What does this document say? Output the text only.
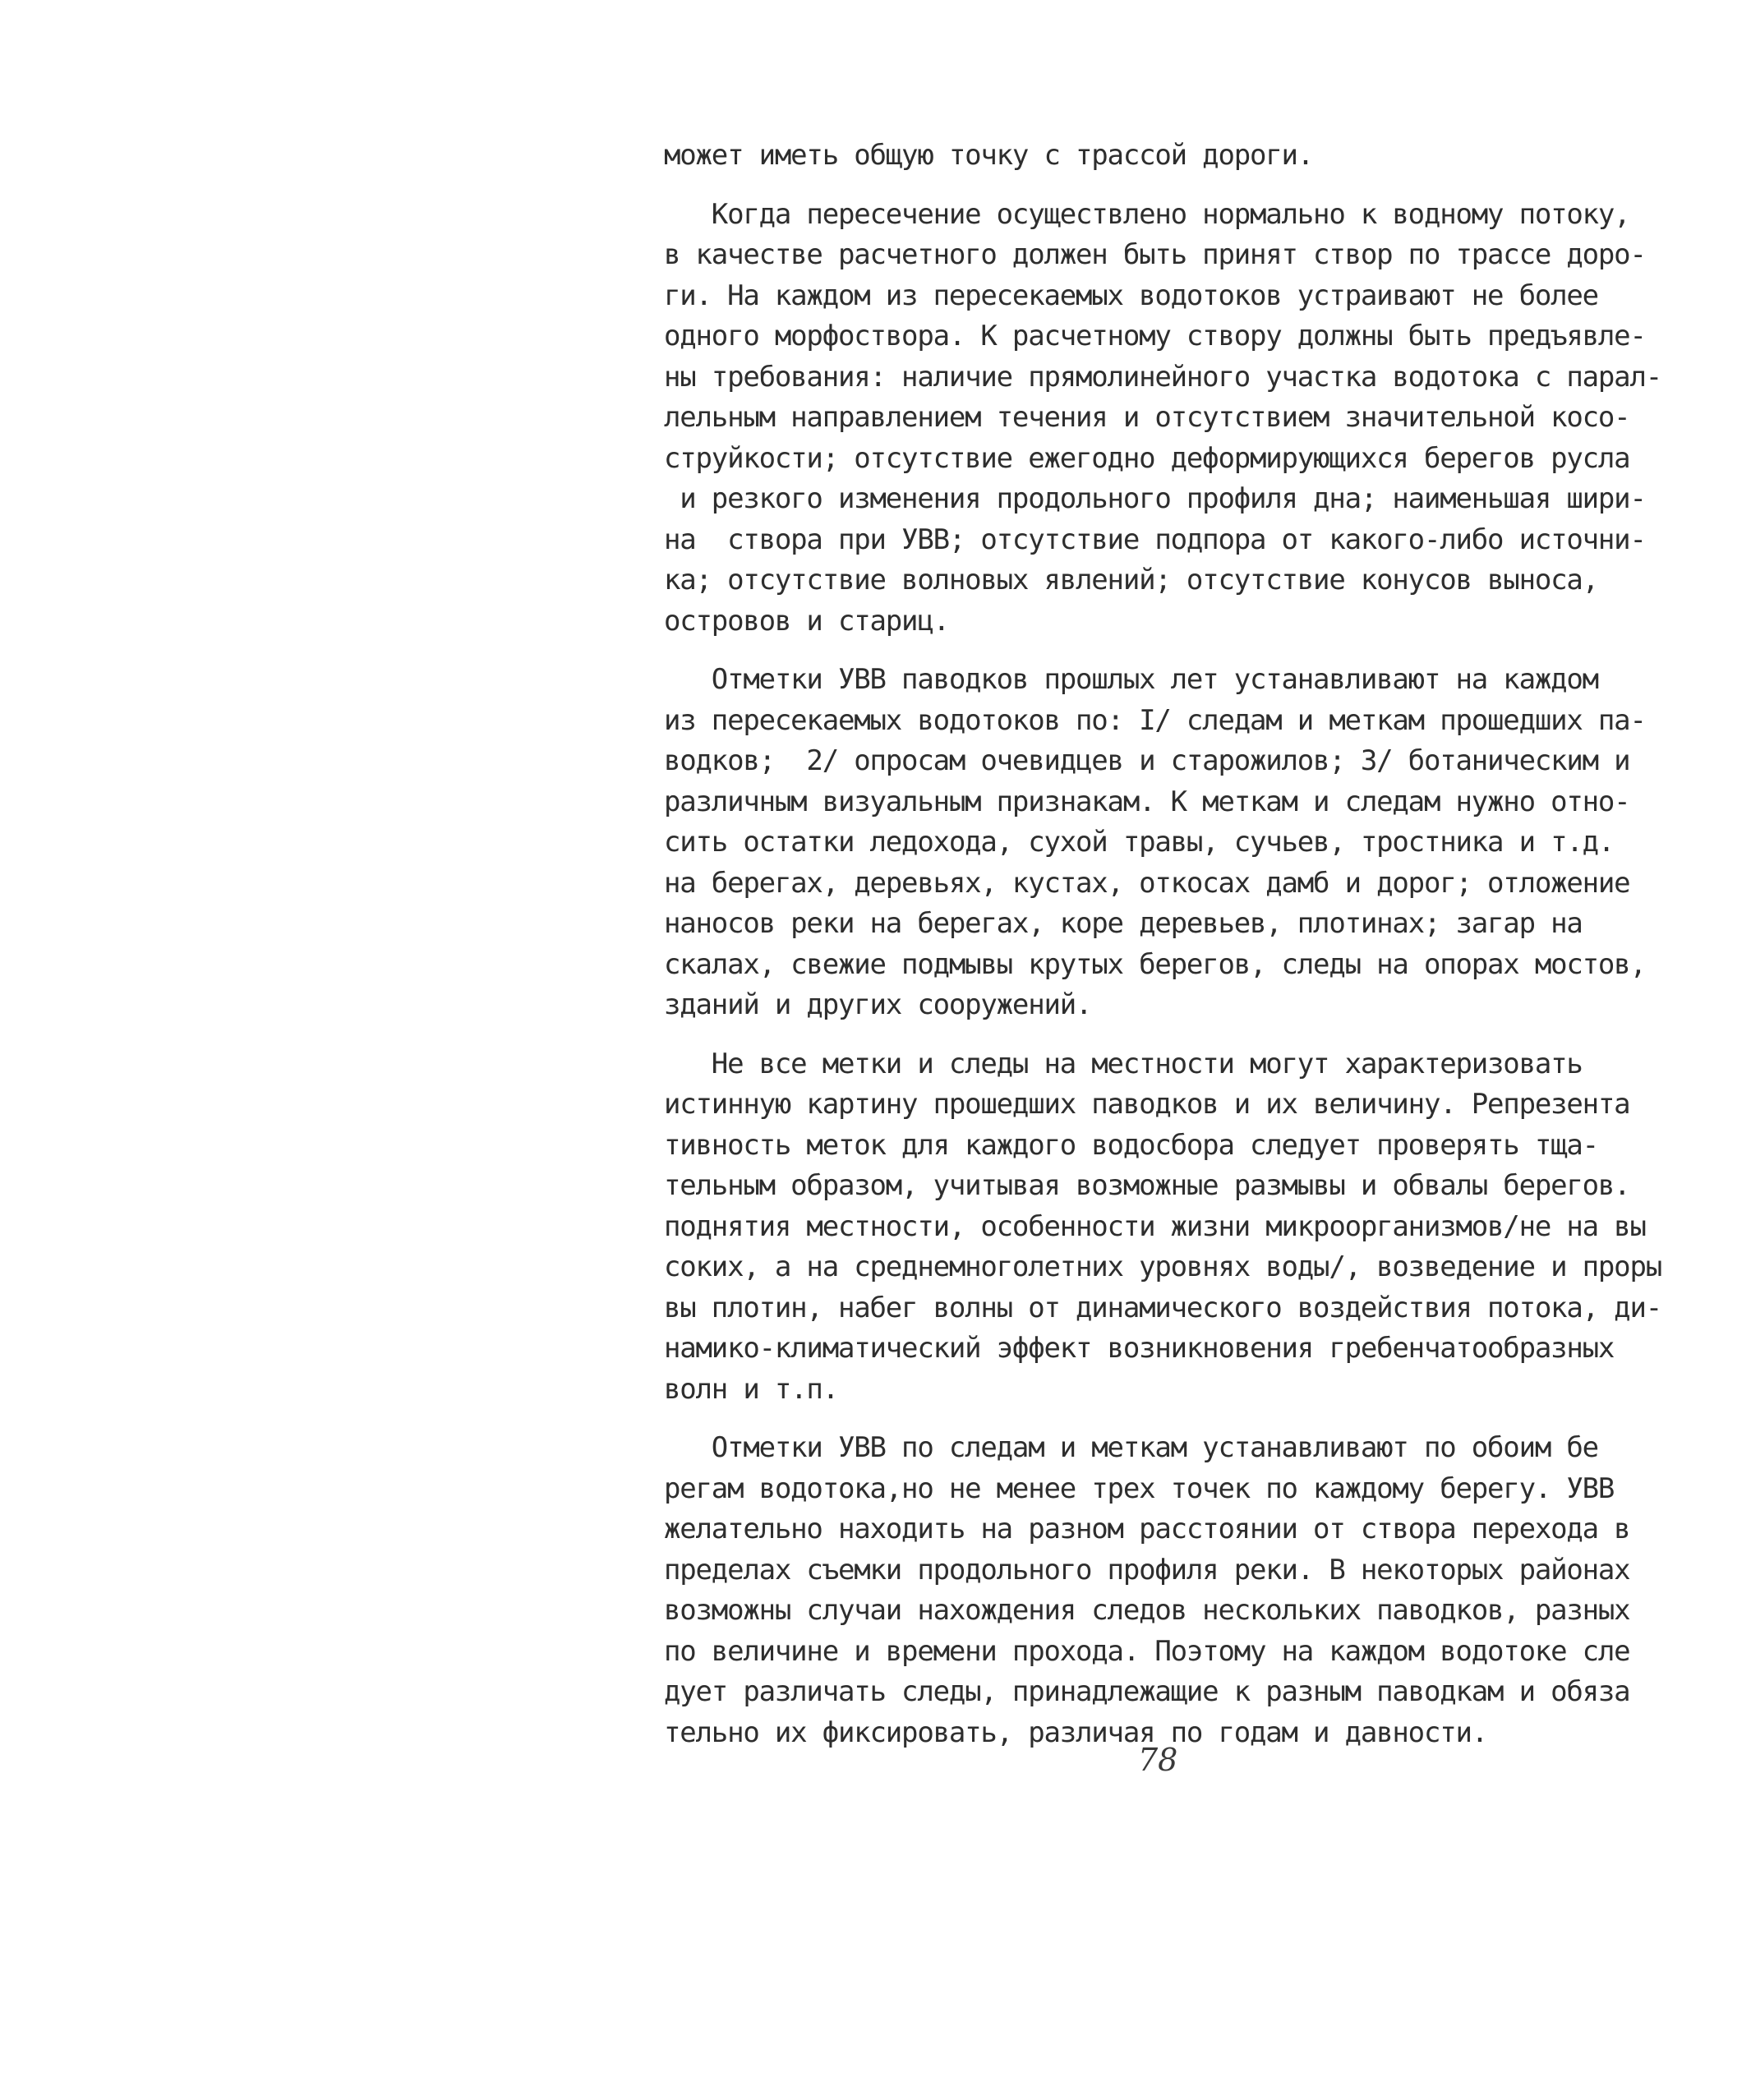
может иметь общую точку с трассой дороги.
Когда пересечение осуществлено нормально к водному потоку,
в качестве расчетного должен быть принят створ по трассе доро-
ги. На каждом из пересекаемых водотоков устраивают не более
одного морфоствора. К расчетному створу должны быть предъявле-
ны требования: наличие прямолинейного участка водотока с парал-
лельным направлением течения и отсутствием значительной косо-
струйкости; отсутствие ежегодно деформирующихся берегов русла
и резкого изменения продольного профиля дна; наименьшая шири-
на  створа при УВВ; отсутствие подпора от какого-либо источни-
ка; отсутствие волновых явлений; отсутствие конусов выноса,
островов и стариц.
Отметки УВВ паводков прошлых лет устанавливают на каждом
из пересекаемых водотоков по: I/ следам и меткам прошедших па-
водков;  2/ опросам очевидцев и старожилов; 3/ ботаническим и
различным визуальным признакам. К меткам и следам нужно отно-
сить остатки ледохода, сухой травы, сучьев, тростника и т.д.
на берегах, деревьях, кустах, откосах дамб и дорог; отложение
наносов реки на берегах, коре деревьев, плотинах; загар на
скалах, свежие подмывы крутых берегов, следы на опорах мостов,
зданий и других сооружений.
Не все метки и следы на местности могут характеризовать
истинную картину прошедших паводков и их величину. Репрезента
тивность меток для каждого водосбора следует проверять тща-
тельным образом, учитывая возможные размывы и обвалы берегов.
поднятия местности, особенности жизни микроорганизмов/не на вы
соких, а на среднемноголетних уровнях воды/, возведение и проры
вы плотин, набег волны от динамического воздействия потока, ди-
намико-климатический эффект возникновения гребенчатообразных
волн и т.п.
Отметки УВВ по следам и меткам устанавливают по обоим бе
регам водотока,но не менее трех точек по каждому берегу. УВВ
желательно находить на разном расстоянии от створа перехода в
пределах съемки продольного профиля реки. В некоторых районах
возможны случаи нахождения следов нескольких паводков, разных
по величине и времени прохода. Поэтому на каждом водотоке сле
дует различать следы, принадлежащие к разным паводкам и обяза
тельно их фиксировать, различая по годам и давности.
78
